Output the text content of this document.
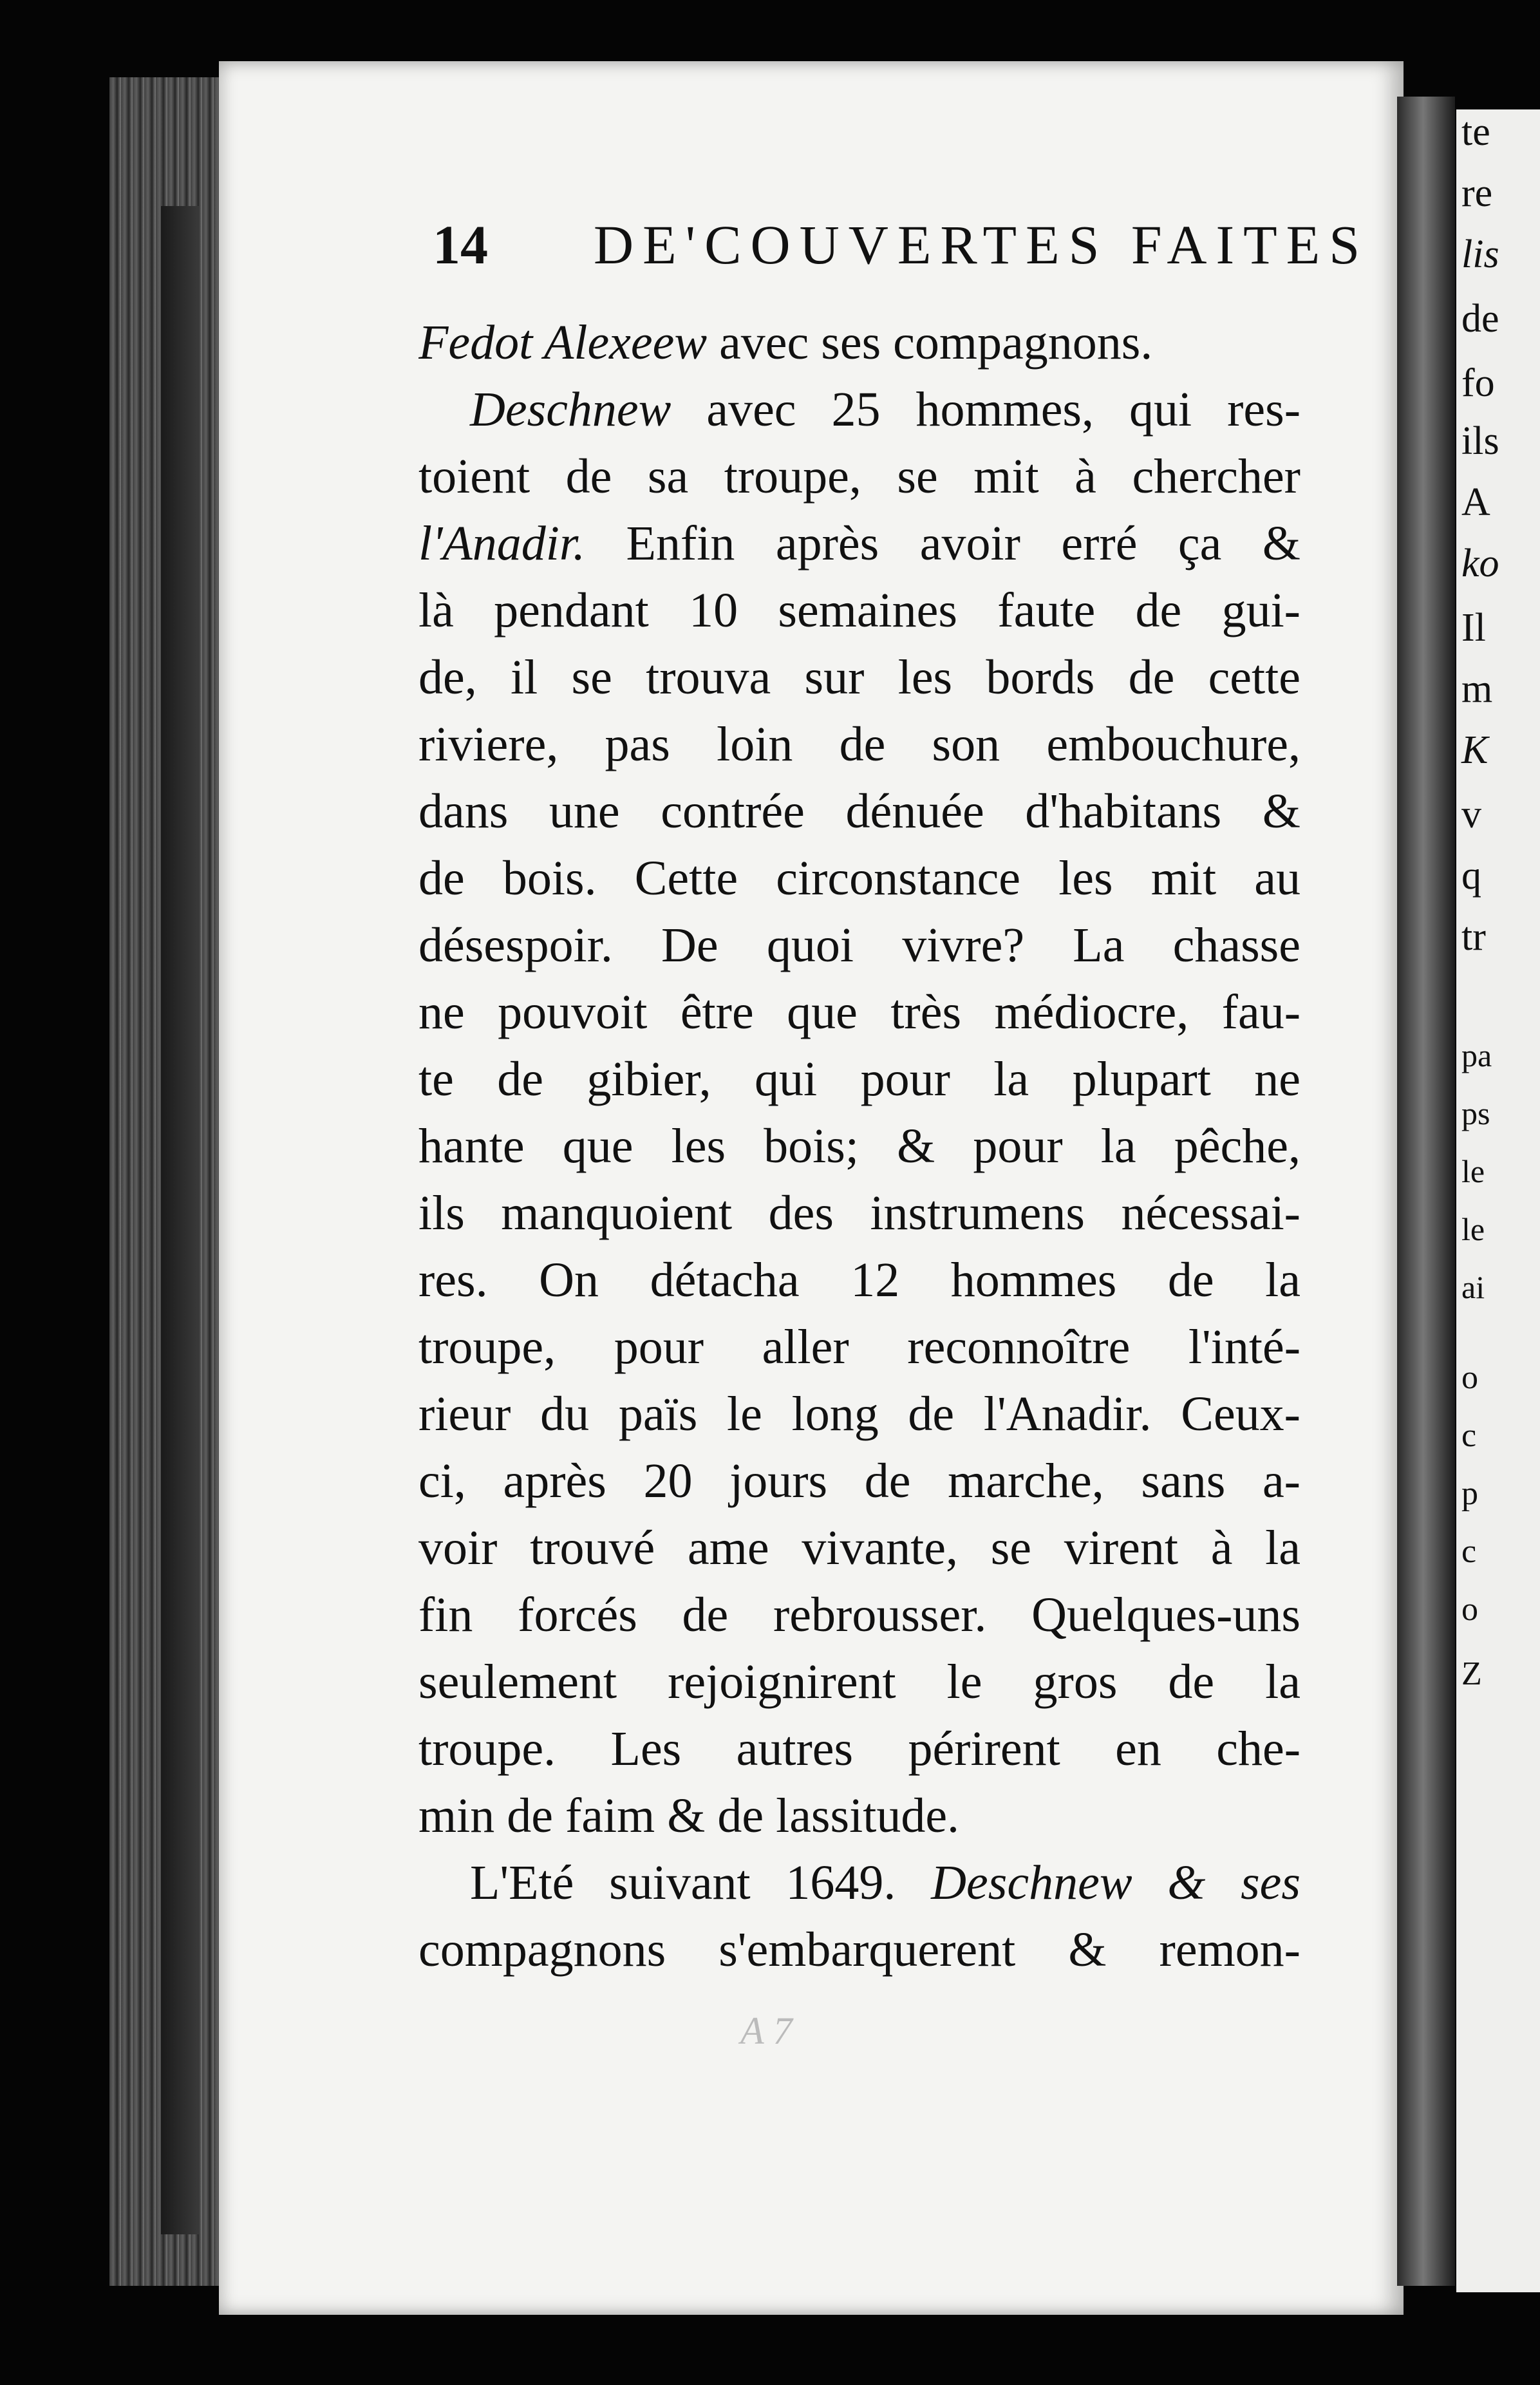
14 DE'COUVERTES FAITES
Fedot Alexeew avec ses compagnons.
Deschnew avec 25 hommes, qui res-
toient de sa troupe, se mit à chercher
l'Anadir. Enfin après avoir erré ça &
là pendant 10 semaines faute de gui-
de, il se trouva sur les bords de cette
riviere, pas loin de son embouchure,
dans une contrée dénuée d'habitans &
de bois. Cette circonstance les mit au
désespoir. De quoi vivre? La chasse
ne pouvoit être que très médiocre, fau-
te de gibier, qui pour la plupart ne
hante que les bois; & pour la pêche,
ils manquoient des instrumens nécessai-
res. On détacha 12 hommes de la
troupe, pour aller reconnoître l'inté-
rieur du païs le long de l'Anadir. Ceux-
ci, après 20 jours de marche, sans a-
voir trouvé ame vivante, se virent à la
fin forcés de rebrousser. Quelques-uns
seulement rejoignirent le gros de la
troupe. Les autres périrent en che-
min de faim & de lassitude.
L'Eté suivant 1649. Deschnew & ses
compagnons s'embarquerent & remon-
A 7
te
re
lis
de
fo
ils
A
ko
Il
m
K
v
q
tr
pa
ps
le
le
ai
o
c
p
c
o
Z
